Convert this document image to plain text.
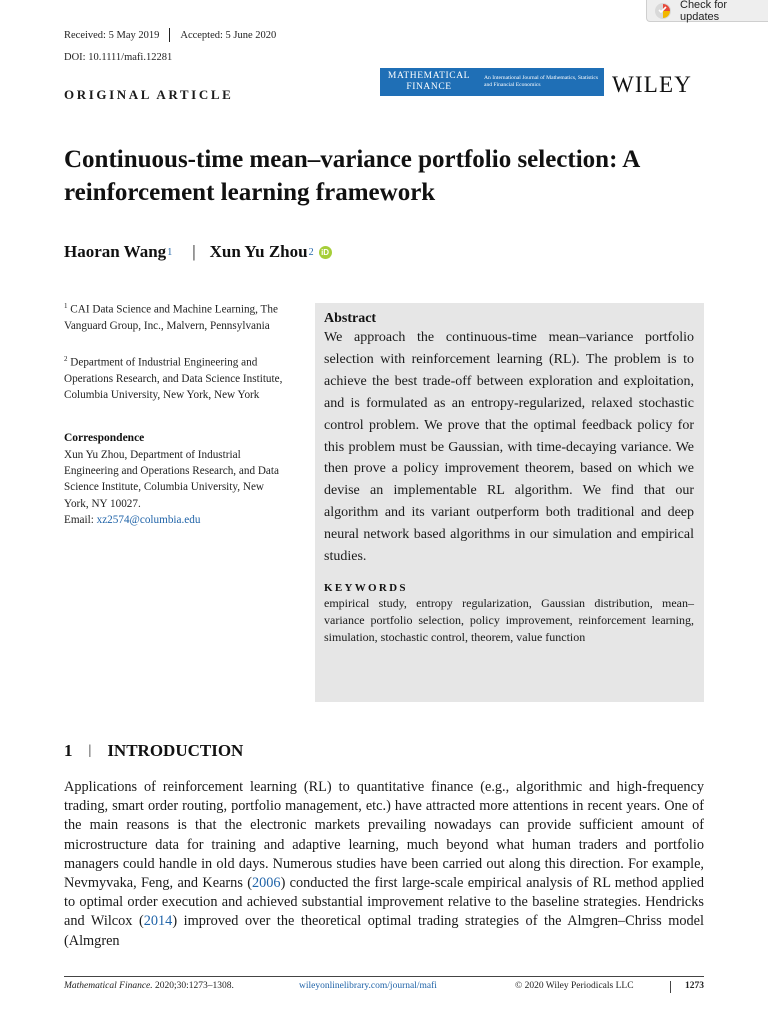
Check for updates
Received: 5 May 2019 Accepted: 5 June 2020
DOI: 10.1111/mafi.12281
ORIGINAL ARTICLE
MATHEMATICAL
FINANCE
An International Journal of Mathematics, Statistics and Financial Economics	WILEY
Continuous-time mean–variance portfolio selection: A reinforcement learning framework
Haoran Wang 1 | Xun Yu Zhou 2 iD
$^1$ CAI Data Science and Machine Learning, The Vanguard Group, Inc., Malvern, Pennsylvania
$^2$ Department of Industrial Engineering and Operations Research, and Data Science Institute, Columbia University, New York, New York
Correspondence
Xun Yu Zhou, Department of Industrial Engineering and Operations Research, and Data Science Institute, Columbia University, New York, NY 10027.
Email: xz2574@columbia.edu

Abstract

We approach the continuous-time mean–variance portfolio selection with reinforcement learning (RL). The problem is to achieve the best trade-off between exploration and exploitation, and is formulated as an entropy-regularized, relaxed stochastic control problem. We prove that the optimal feedback policy for this problem must be Gaussian, with time-decaying variance. We then prove a policy improvement theorem, based on which we devise an implementable RL algorithm. We find that our algorithm and its variant outperform both traditional and deep neural network based algorithms in our simulation and empirical studies.

KEYWORDS

empirical study, entropy regularization, Gaussian distribution, mean–variance portfolio selection, policy improvement, reinforcement learning, simulation, stochastic control, theorem, value function

1 | INTRODUCTION

Applications of reinforcement learning (RL) to quantitative finance (e.g., algorithmic and high-frequency trading, smart order routing, portfolio management, etc.) have attracted more attentions in recent years. One of the main reasons is that the electronic markets prevailing nowadays can provide sufficient amount of microstructure data for training and adaptive learning, much beyond what human traders and portfolio managers could handle in old days. Numerous studies have been carried out along this direction. For example, Nevmyvaka, Feng, and Kearns (2006) conducted the first large-scale empirical analysis of RL method applied to optimal order execution and achieved substantial improvement relative to the baseline strategies. Hendricks and Wilcox (2014) improved over the theoretical optimal trading strategies of the Almgren–Chriss model (Almgren

Mathematical Finance. 2020;30:1273–1308.	wileyonlinelibrary.com/journal/mafi	© 2020 Wiley Periodicals LLC	1273
